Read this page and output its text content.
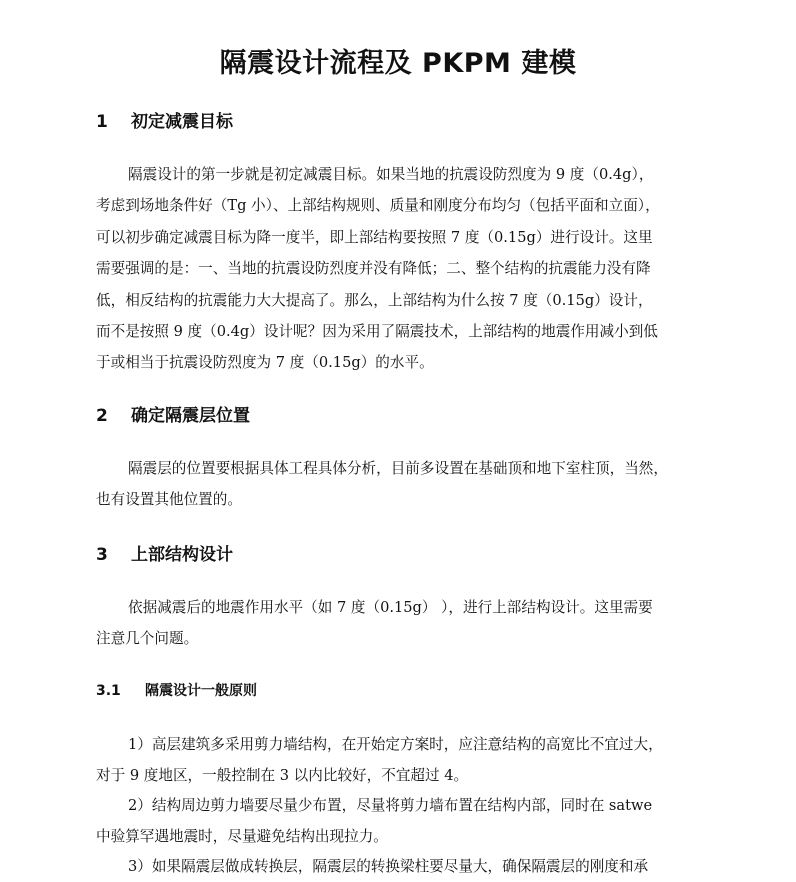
隔震设计流程及 PKPM 建模
1 初定减震目标

隔震设计的第一步就是初定减震目标。如果当地的抗震设防烈度为 9 度（0.4g），
考虑到场地条件好（Tg 小）、上部结构规则、质量和刚度分布均匀（包括平面和立面），
可以初步确定减震目标为降一度半，即上部结构要按照 7 度（0.15g）进行设计。这里
需要强调的是：一、当地的抗震设防烈度并没有降低；二、整个结构的抗震能力没有降
低，相反结构的抗震能力大大提高了。那么，上部结构为什么按 7 度（0.15g）设计，
而不是按照 9 度（0.4g）设计呢？因为采用了隔震技术，上部结构的地震作用减小到低
于或相当于抗震设防烈度为 7 度（0.15g）的水平。

2 确定隔震层位置

隔震层的位置要根据具体工程具体分析，目前多设置在基础顶和地下室柱顶，当然，
也有设置其他位置的。

3 上部结构设计

依据减震后的地震作用水平（如 7 度（0.15g） ），进行上部结构设计。这里需要
注意几个问题。

3.1 隔震设计一般原则

1）高层建筑多采用剪力墙结构，在开始定方案时，应注意结构的高宽比不宜过大，
对于 9 度地区，一般控制在 3 以内比较好，不宜超过 4。

2）结构周边剪力墙要尽量少布置，尽量将剪力墙布置在结构内部，同时在 satwe
中验算罕遇地震时，尽量避免结构出现拉力。

3）如果隔震层做成转换层，隔震层的转换梁柱要尽量大，确保隔震层的刚度和承
